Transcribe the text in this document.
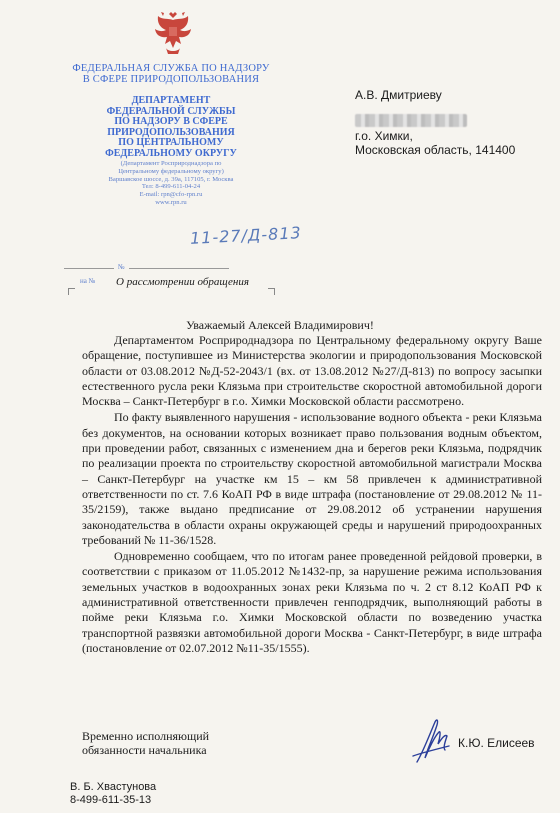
ФЕДЕРАЛЬНАЯ СЛУЖБА ПО НАДЗОРУ
В СФЕРЕ ПРИРОДОПОЛЬЗОВАНИЯ
ДЕПАРТАМЕНТ
ФЕДЕРАЛЬНОЙ СЛУЖБЫ
ПО НАДЗОРУ В СФЕРЕ
ПРИРОДОПОЛЬЗОВАНИЯ
ПО ЦЕНТРАЛЬНОМУ
ФЕДЕРАЛЬНОМУ ОКРУГУ
(Департамент Росприроднадзора по
Центральному федеральному округу)
Варшавское шоссе, д. 39а, 117105, г. Москва
Тел: 8-499-611-04-24
E-mail: rpn@cfo-rpn.ru
www.rpn.ru
11-27/Д-813
№
на № О рассмотрении обращения
А.В. Дмитриеву
г.о. Химки,
Московская область, 141400
Уважаемый Алексей Владимирович!

Департаментом Росприроднадзора по Центральному федеральному округу Ваше обращение, поступившее из Министерства экологии и природопользования Московской области от 03.08.2012 №Д-52-2043/1 (вх. от 13.08.2012 №27/Д-813) по вопросу засыпки естественного русла реки Клязьма при строительстве скоростной автомобильной дороги Москва – Санкт-Петербург в г.о. Химки Московской области рассмотрено.

По факту выявленного нарушения - использование водного объекта - реки Клязьма без документов, на основании которых возникает право пользования водным объектом, при проведении работ, связанных с изменением дна и берегов реки Клязьма, подрядчик по реализации проекта по строительству скоростной автомобильной магистрали Москва – Санкт-Петербург на участке км 15 – км 58 привлечен к административной ответственности по ст. 7.6 КоАП РФ в виде штрафа (постановление от 29.08.2012 № 11-35/2159), также выдано предписание от 29.08.2012 об устранении нарушения законодательства в области охраны окружающей среды и нарушений природоохранных требований № 11-36/1528.

Одновременно сообщаем, что по итогам ранее проведенной рейдовой проверки, в соответствии с приказом от 11.05.2012 №1432-пр, за нарушение режима использования земельных участков в водоохранных зонах реки Клязьма по ч. 2 ст 8.12 КоАП РФ к административной ответственности привлечен генподрядчик, выполняющий работы в пойме реки Клязьма г.о. Химки Московской области по возведению участка транспортной развязки автомобильной дороги Москва - Санкт-Петербург, в виде штрафа (постановление от 02.07.2012 №11-35/1555).

Временно исполняющий
обязанности начальника	К.Ю. Елисеев
В. Б. Хвастунова
8-499-611-35-13
